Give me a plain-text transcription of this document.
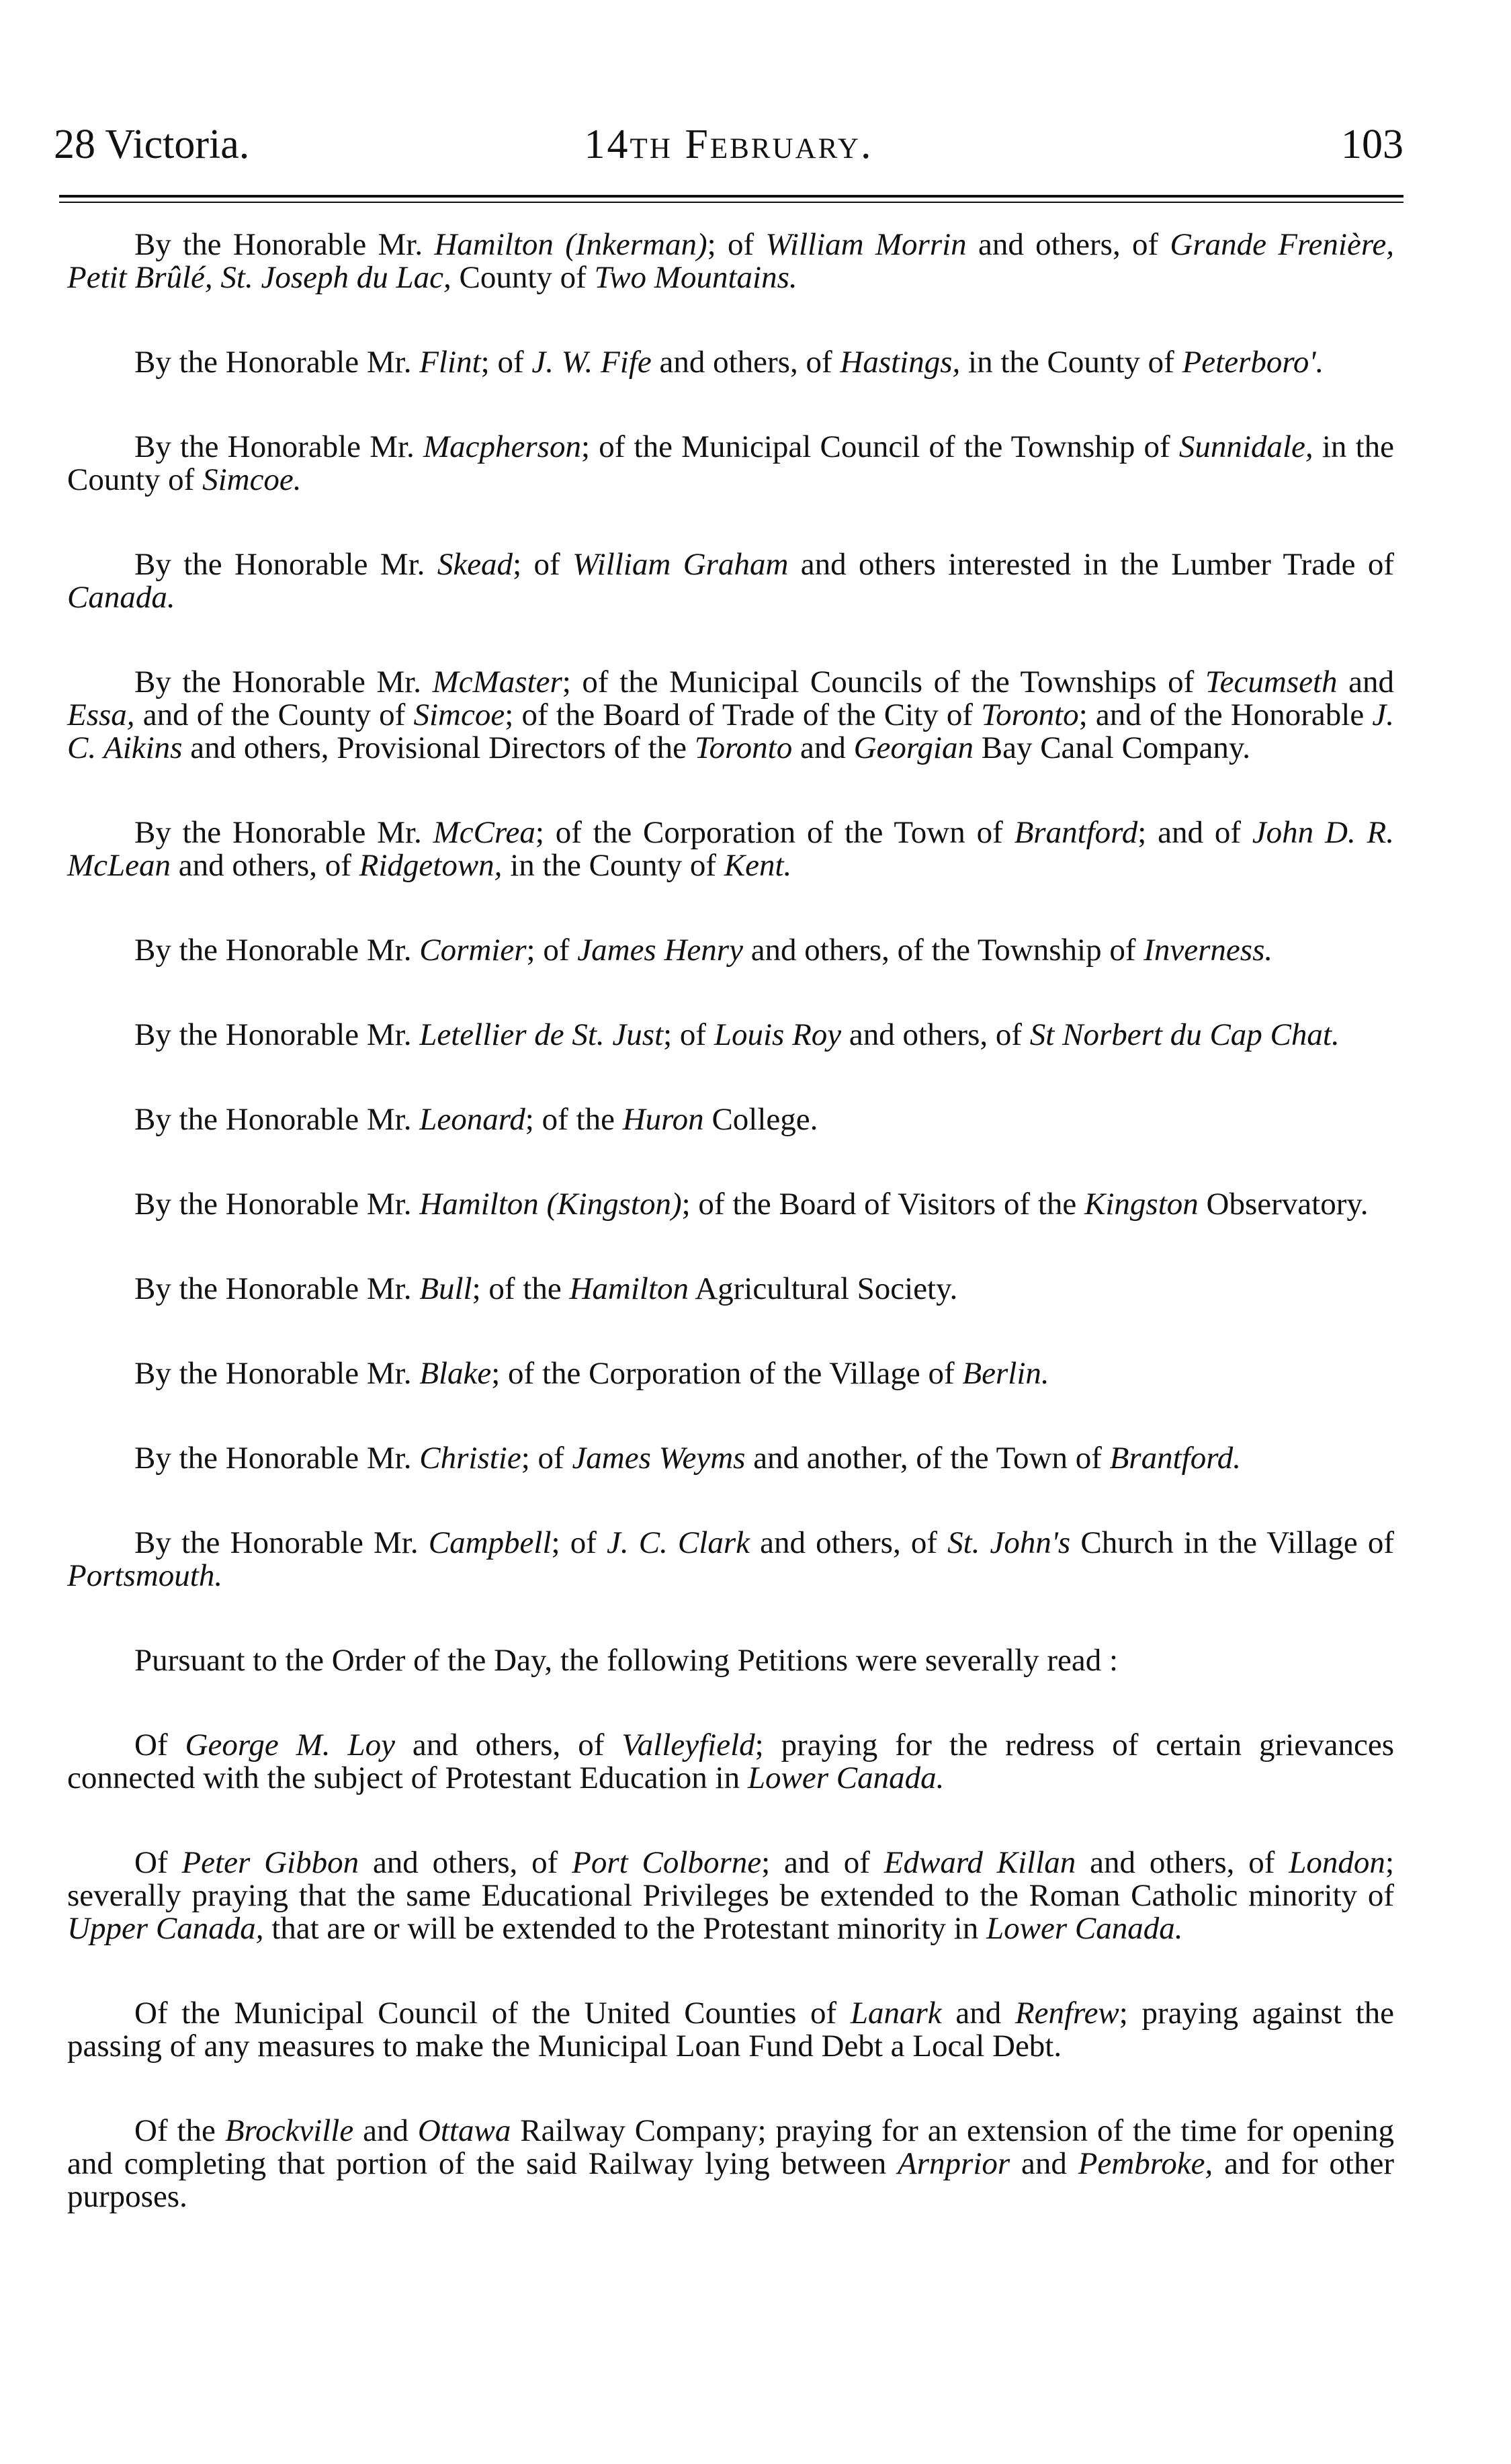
28 Victoria.	14th February.	103

By the Honorable Mr. Hamilton (Inkerman); of William Morrin and others, of Grande Frenière, Petit Brûlé, St. Joseph du Lac, County of Two Mountains.

By the Honorable Mr. Flint; of J. W. Fife and others, of Hastings, in the County of Peterboro'.

By the Honorable Mr. Macpherson; of the Municipal Council of the Township of Sunnidale, in the County of Simcoe.

By the Honorable Mr. Skead; of William Graham and others interested in the Lumber Trade of Canada.

By the Honorable Mr. McMaster; of the Municipal Councils of the Townships of Tecumseth and Essa, and of the County of Simcoe; of the Board of Trade of the City of Toronto; and of the Honorable J. C. Aikins and others, Provisional Directors of the Toronto and Georgian Bay Canal Company.

By the Honorable Mr. McCrea; of the Corporation of the Town of Brantford; and of John D. R. McLean and others, of Ridgetown, in the County of Kent.

By the Honorable Mr. Cormier; of James Henry and others, of the Township of Inverness.

By the Honorable Mr. Letellier de St. Just; of Louis Roy and others, of St Norbert du Cap Chat.

By the Honorable Mr. Leonard; of the Huron College.

By the Honorable Mr. Hamilton (Kingston); of the Board of Visitors of the Kingston Observatory.

By the Honorable Mr. Bull; of the Hamilton Agricultural Society.

By the Honorable Mr. Blake; of the Corporation of the Village of Berlin.

By the Honorable Mr. Christie; of James Weyms and another, of the Town of Brantford.

By the Honorable Mr. Campbell; of J. C. Clark and others, of St. John's Church in the Village of Portsmouth.

Pursuant to the Order of the Day, the following Petitions were severally read :

Of George M. Loy and others, of Valleyfield; praying for the redress of certain grievances connected with the subject of Protestant Education in Lower Canada.

Of Peter Gibbon and others, of Port Colborne; and of Edward Killan and others, of London; severally praying that the same Educational Privileges be extended to the Roman Catholic minority of Upper Canada, that are or will be extended to the Protestant minority in Lower Canada.

Of the Municipal Council of the United Counties of Lanark and Renfrew; praying against the passing of any measures to make the Municipal Loan Fund Debt a Local Debt.

Of the Brockville and Ottawa Railway Company; praying for an extension of the time for opening and completing that portion of the said Railway lying between Arnprior and Pembroke, and for other purposes.
